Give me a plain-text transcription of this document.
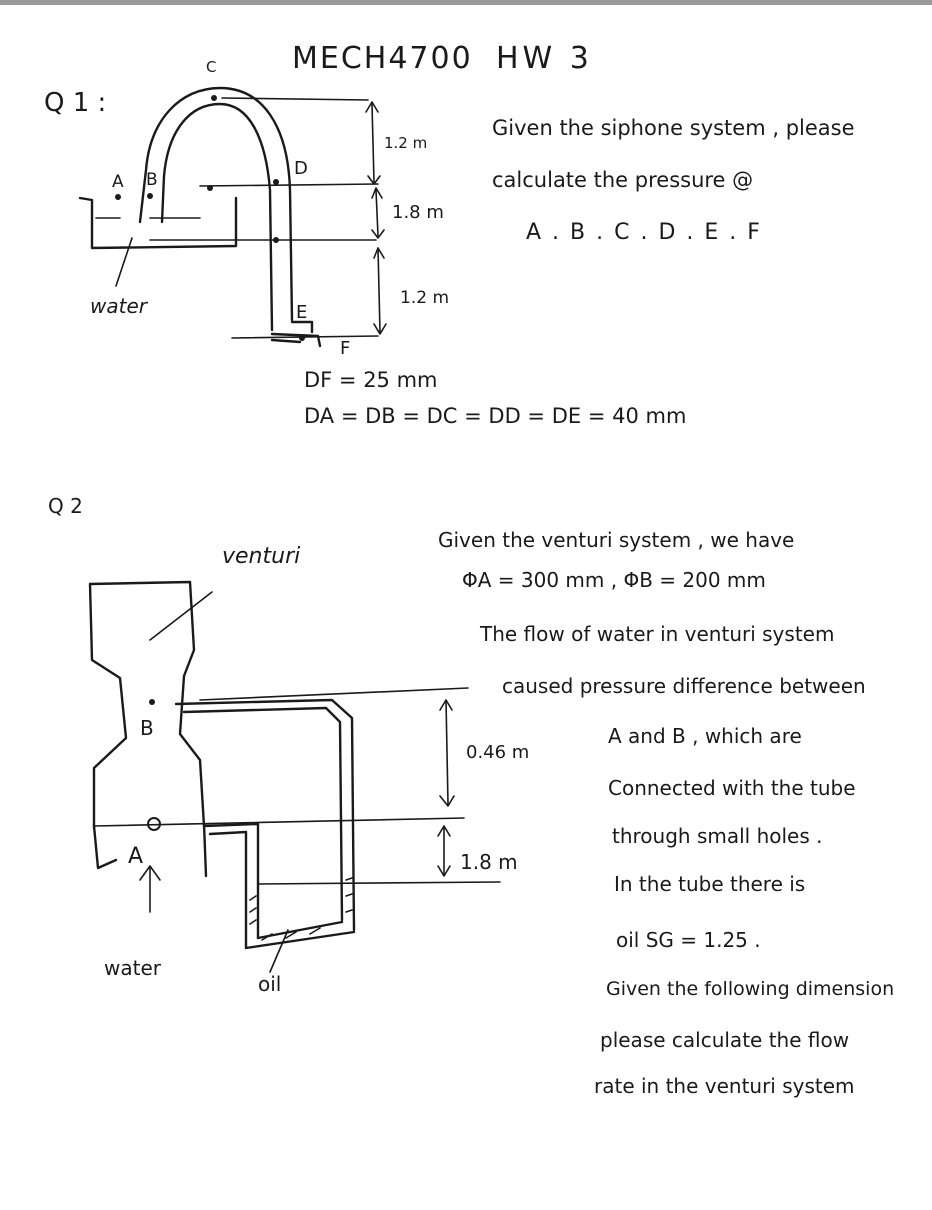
MECH4700 HW 3
Q 1 :
Given the siphone system , please
calculate the pressure @
A . B . C . D . E . F
A B
C
D
E
F
1.2 m
1.8 m
1.2 m
water
DF = 25 mm
DA = DB = DC = DD = DE = 40 mm
Q 2
venturi
Given the venturi system , we have
ΦA = 300 mm , ΦB = 200 mm
The flow of water in venturi system
caused pressure difference between
A and B , which are
Connected with the tube
through small holes .
In the tube there is
oil SG = 1.25 .
Given the following dimension
please calculate the flow
rate in the venturi system
B
A
0.46 m
1.8 m
water
oil
